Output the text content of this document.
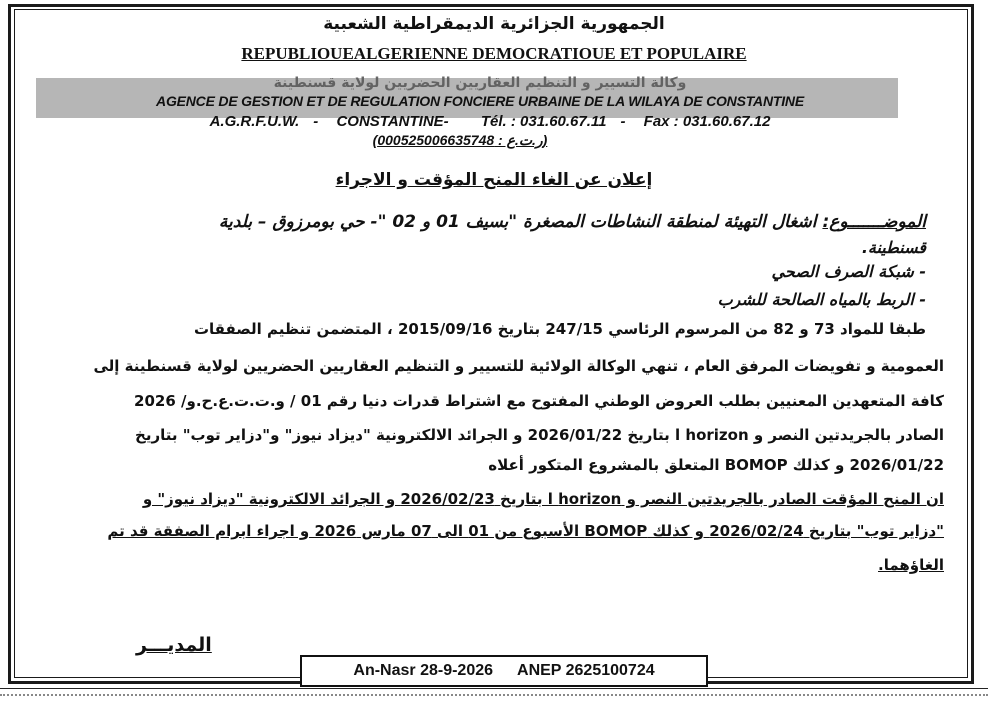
الجمهورية الجزائرية الديمقراطية الشعبية
REPUBLIOUEALGERIENNE DEMOCRATIOUE ET POPULAIRE
وكالة التسيير و التنظيم العقاريين الحضريين لولاية قسنطينة
AGENCE DE GESTION ET DE REGULATION FONCIERE URBAINE DE LA WILAYA DE CONSTANTINE
A.G.R.F.U.W. - CONSTANTINE- Tél. : 031.60.67.11 - Fax : 031.60.67.12
(ر.ت.ع : 000525006635748)
إعلان عن الغاء المنح المؤقت و الاجراء
الموضـــــــوع: اشغال التهيئة لمنطقة النشاطات المصغرة "بسيف 01 و 02 "- حي بومرزوق – بلدية
قسنطينة.
- شبكة الصرف الصحي
- الربط بالمياه الصالحة للشرب
طبقا للمواد 73 و 82 من المرسوم الرئاسي 247/15 بتاريخ 2015/09/16 ، المتضمن تنظيم الصفقات
العمومية و تفويضات المرفق العام ، تنهي الوكالة الولائية للتسيير و التنظيم العقاريين الحضريين لولاية قسنطينة إلى
كافة المتعهدين المعنيين بطلب العروض الوطني المفتوح مع اشتراط قدرات دنيا رقم 01 / و.ت.ت.ع.ح.و/ 2026
الصادر بالجريدتين النصر و horizon ا بتاريخ 2026/01/22 و الجرائد الالكترونية "ديزاد نيوز" و"دزاير توب" بتاريخ
2026/01/22 و كذلك BOMOP المتعلق بالمشروع المتكور أعلاه
ان المنح المؤقت الصادر بالجريدتين النصر و horizon ا بتاريخ 2026/02/23 و الجرائد الالكترونية "ديزاد نيوز" و
"دزاير توب" بتاريخ 2026/02/24 و كذلك BOMOP الأسبوع من 01 الى 07 مارس 2026 و اجراء ابرام الصفقة قد تم
الغاؤهما.
المديـــر
An-Nasr 28-9-2026 ANEP 2625100724
